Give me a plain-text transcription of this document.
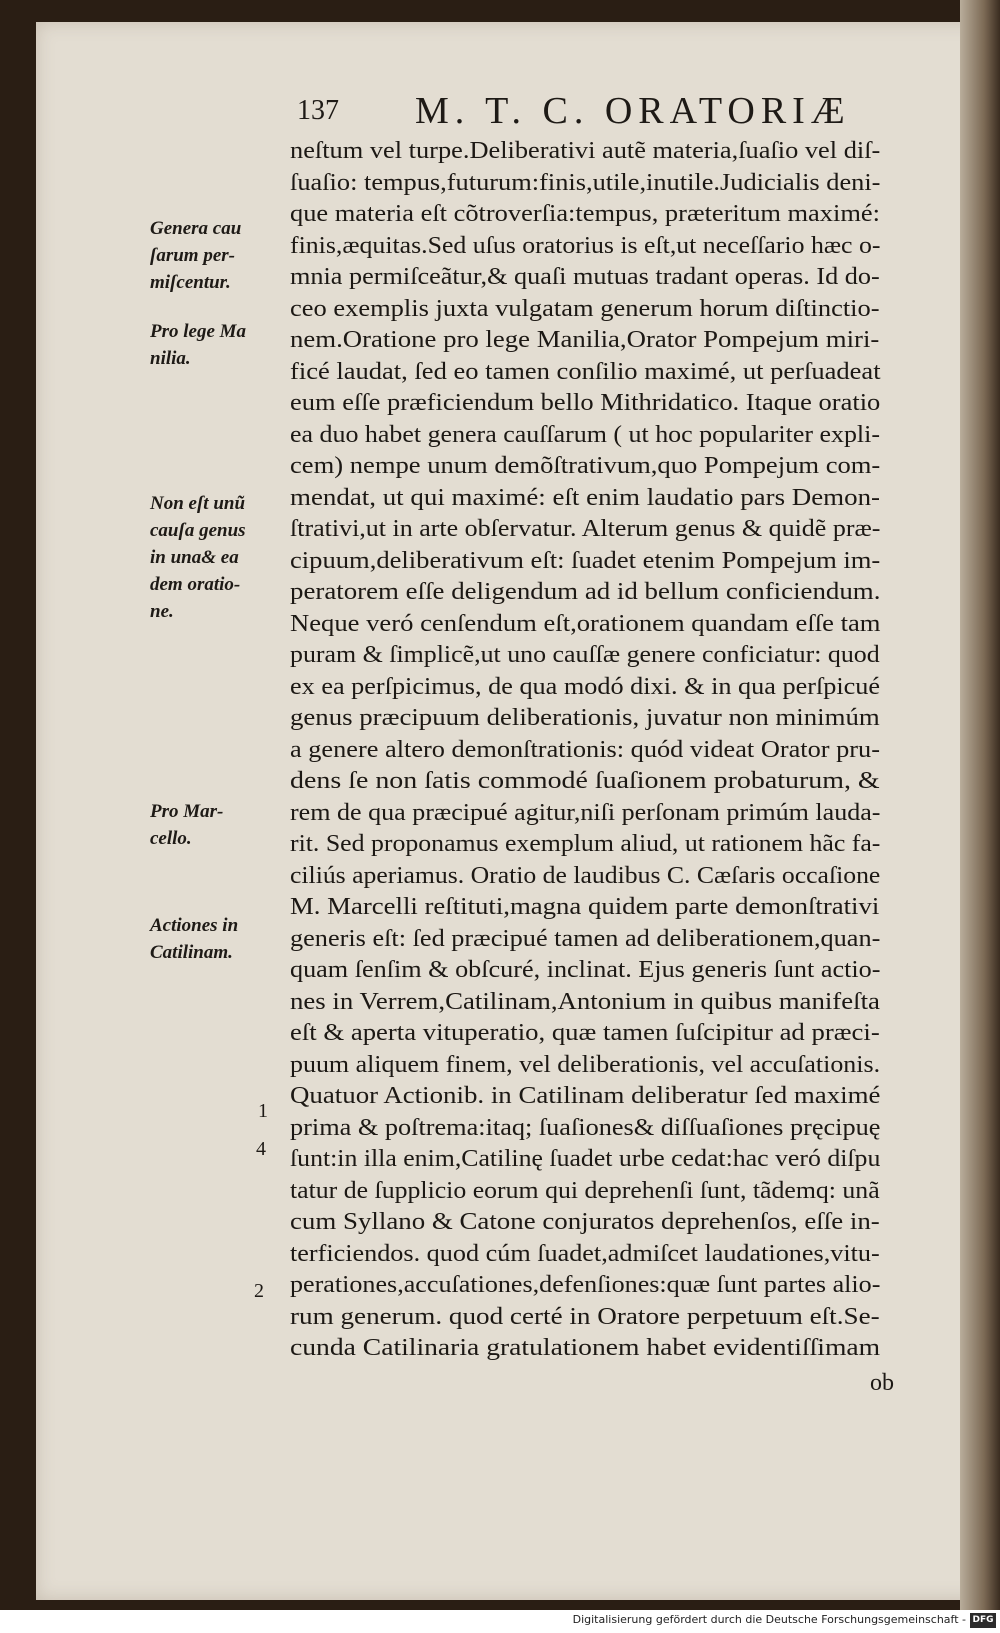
137 M. T. C. ORATORIÆ
Genera cau
ſarum per-
miſcentur.
Pro lege Ma
nilia.
Non eſt unũ
cauſa genus
in una& ea
dem oratio-
ne.
Pro Mar-
cello.
Actiones in
Catilinam.
1
4
2
neſtum vel turpe.Deliberativi autẽ materia,ſuaſio vel diſ-
ſuaſio: tempus,futurum:finis,utile,inutile.Judicialis deni-
que materia eſt cõtroverſia:tempus, præteritum maximé:
finis,æquitas.Sed uſus oratorius is eſt,ut neceſſario hæc o-
mnia permiſceãtur,& quaſi mutuas tradant operas. Id do-
ceo exemplis juxta vulgatam generum horum diſtinctio-
nem.Oratione pro lege Manilia,Orator Pompejum miri-
ficé laudat, ſed eo tamen conſilio maximé, ut perſuadeat
eum eſſe præficiendum bello Mithridatico. Itaque oratio
ea duo habet genera cauſſarum ( ut hoc populariter expli-
cem) nempe unum demõſtrativum,quo Pompejum com-
mendat, ut qui maximé: eſt enim laudatio pars Demon-
ſtrativi,ut in arte obſervatur. Alterum genus & quidẽ præ-
cipuum,deliberativum eſt: ſuadet etenim Pompejum im-
peratorem eſſe deligendum ad id bellum conficiendum.
Neque veró cenſendum eſt,orationem quandam eſſe tam
puram & ſimplicẽ,ut uno cauſſæ genere conficiatur: quod
ex ea perſpicimus, de qua modó dixi. & in qua perſpicué
genus præcipuum deliberationis, juvatur non minimúm
a genere altero demonſtrationis: quód videat Orator pru-
dens ſe non ſatis commodé ſuaſionem probaturum, &
rem de qua præcipué agitur,niſi perſonam primúm lauda-
rit. Sed proponamus exemplum aliud, ut rationem hãc fa-
ciliús aperiamus. Oratio de laudibus C. Cæſaris occaſione
M. Marcelli reſtituti,magna quidem parte demonſtrativi
generis eſt: ſed præcipué tamen ad deliberationem,quan-
quam ſenſim & obſcuré, inclinat. Ejus generis ſunt actio-
nes in Verrem,Catilinam,Antonium in quibus manifeſta
eſt & aperta vituperatio, quæ tamen ſuſcipitur ad præci-
puum aliquem finem, vel deliberationis, vel accuſationis.
Quatuor Actionib. in Catilinam deliberatur ſed maximé
prima & poſtrema:itaq; ſuaſiones& diſſuaſiones pręcipuę
ſunt:in illa enim,Catilinę ſuadet urbe cedat:hac veró diſpu
tatur de ſupplicio eorum qui deprehenſi ſunt, tãdemq: unã
cum Syllano & Catone conjuratos deprehenſos, eſſe in-
terficiendos. quod cúm ſuadet,admiſcet laudationes,vitu-
perationes,accuſationes,defenſiones:quæ ſunt partes alio-
rum generum. quod certé in Oratore perpetuum eſt.Se-
cunda Catilinaria gratulationem habet evidentiſſimam
ob
Digitalisierung gefördert durch die Deutsche Forschungsgemeinschaft - DFG
